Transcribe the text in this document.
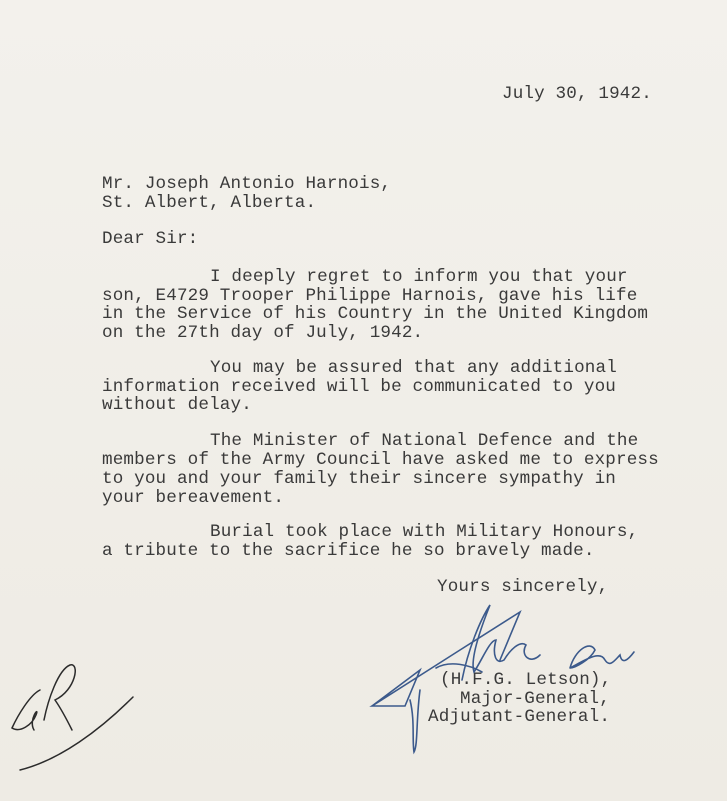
July 30, 1942.
Mr. Joseph Antonio Harnois,
St. Albert, Alberta.
Dear Sir:
I deeply regret to inform you that your
son, E4729 Trooper Philippe Harnois, gave his life
in the Service of his Country in the United Kingdom
on the 27th day of July, 1942.
You may be assured that any additional
information received will be communicated to you
without delay.
The Minister of National Defence and the
members of the Army Council have asked me to express
to you and your family their sincere sympathy in
your bereavement.
Burial took place with Military Honours,
a tribute to the sacrifice he so bravely made.
Yours sincerely,
(H.F.G. Letson),
Major-General,
Adjutant-General.
